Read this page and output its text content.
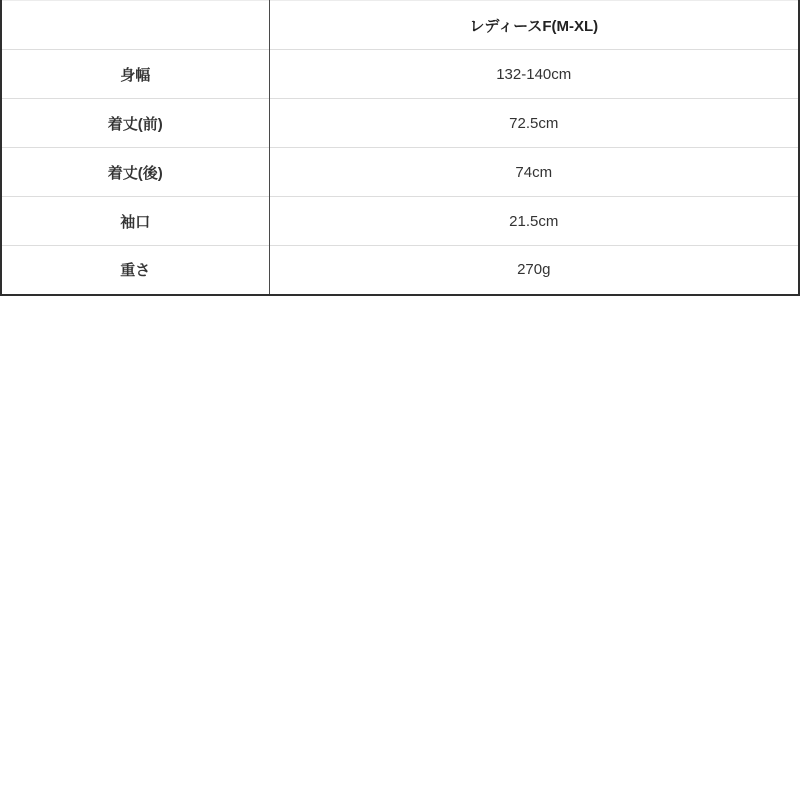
	レディースF(M-XL)
身幅	132-140cm
着丈(前)	72.5cm
着丈(後)	74cm
袖口	21.5cm
重さ	270g
